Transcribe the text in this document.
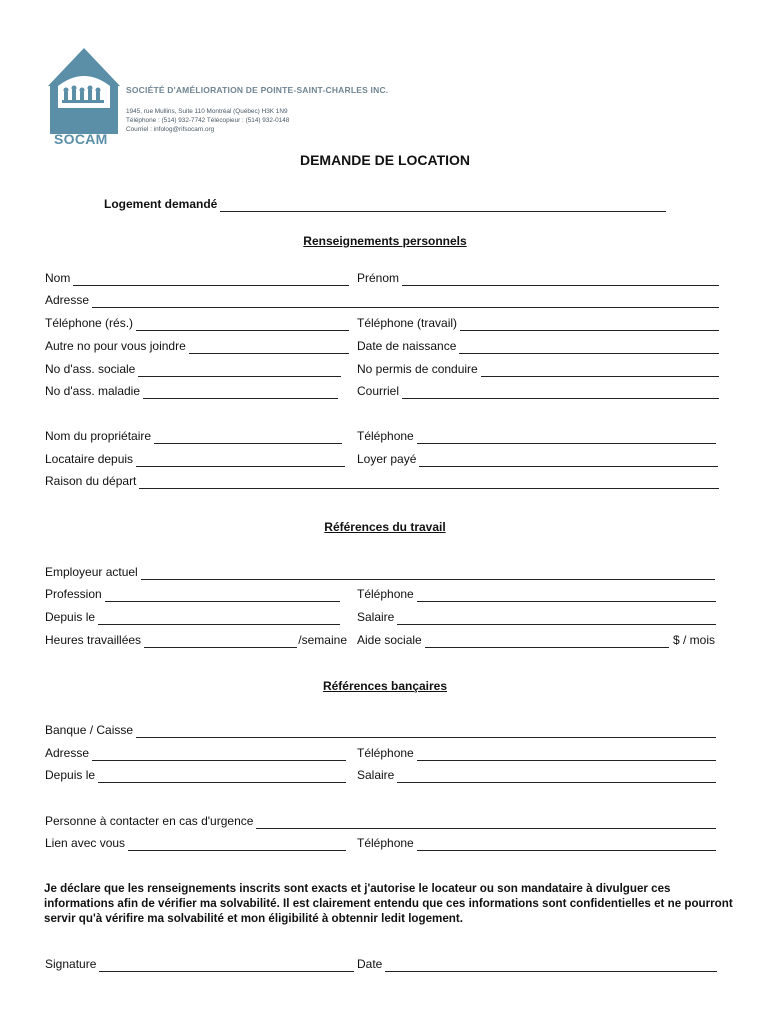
SOCAM
SOCIÉTÉ D'AMÉLIORATION DE POINTE-SAINT-CHARLES INC.
1945, rue Mullins, Suite 110 Montréal (Québec) H3K 1N9
Téléphone : (514) 932-7742 Télécopieur : (514) 932-0148
Courriel : infolog@rifsocam.org
DEMANDE DE LOCATION
Logement demandé
Renseignements personnels
Nom	Prénom
Adresse
Téléphone (rés.)	Téléphone (travail)
Autre no pour vous joindre	Date de naissance
No d'ass. sociale	No permis de conduire
No d'ass. maladie	Courriel
Nom du propriétaire	Téléphone
Locataire depuis	Loyer payé
Raison du départ
Références du travail
Employeur actuel
Profession	Téléphone
Depuis le	Salaire
Heures travaillées	/semaine Aide sociale	$ / mois
Références bançaires
Banque / Caisse
Adresse	Téléphone
Depuis le	Salaire
Personne à contacter en cas d'urgence
Lien avec vous	Téléphone
Je déclare que les renseignements inscrits sont exacts et j'autorise le locateur ou son mandataire à divulguer ces informations afin de vérifier ma solvabilité. Il est clairement entendu que ces informations sont confidentielles et ne pourront servir qu'à vérifire ma solvabilité et mon éligibilité à obtennir ledit logement.
Signature	Date
